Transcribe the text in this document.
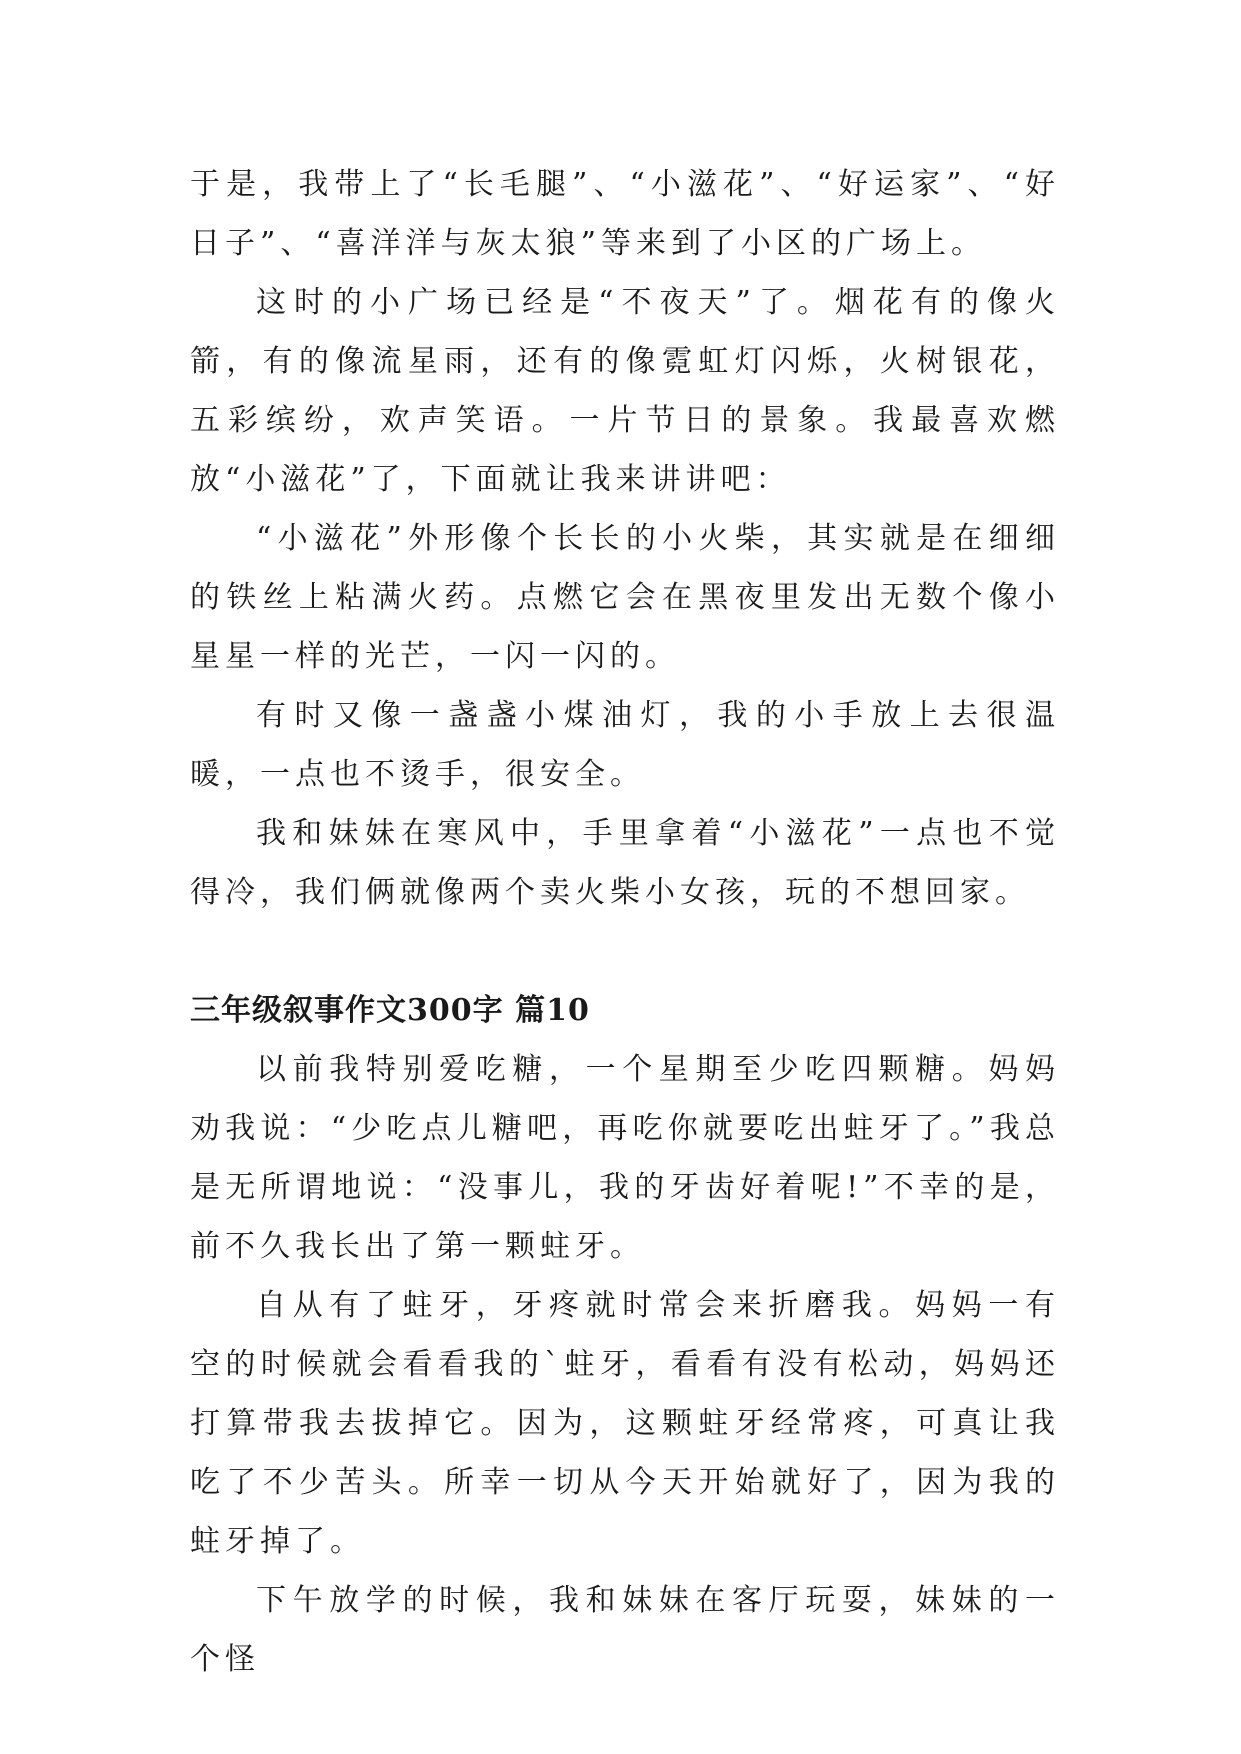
于是，我带上了“长毛腿”、“小滋花”、“好运家”、“好日子”、“喜洋洋与灰太狼”等来到了小区的广场上。

这时的小广场已经是“不夜天”了。烟花有的像火箭，有的像流星雨，还有的像霓虹灯闪烁，火树银花，五彩缤纷，欢声笑语。一片节日的景象。我最喜欢燃放“小滋花”了，下面就让我来讲讲吧：

“小滋花”外形像个长长的小火柴，其实就是在细细的铁丝上粘满火药。点燃它会在黑夜里发出无数个像小星星一样的光芒，一闪一闪的。

有时又像一盏盏小煤油灯，我的小手放上去很温暖，一点也不烫手，很安全。

我和妹妹在寒风中，手里拿着“小滋花”一点也不觉得冷，我们俩就像两个卖火柴小女孩，玩的不想回家。

三年级叙事作文300字 篇10

以前我特别爱吃糖，一个星期至少吃四颗糖。妈妈劝我说：“少吃点儿糖吧，再吃你就要吃出蛀牙了。”我总是无所谓地说：“没事儿，我的牙齿好着呢!”不幸的是，前不久我长出了第一颗蛀牙。

自从有了蛀牙，牙疼就时常会来折磨我。妈妈一有空的时候就会看看我的`蛀牙，看看有没有松动，妈妈还打算带我去拔掉它。因为，这颗蛀牙经常疼，可真让我吃了不少苦头。所幸一切从今天开始就好了，因为我的蛀牙掉了。

下午放学的时候，我和妹妹在客厅玩耍，妹妹的一个怪
